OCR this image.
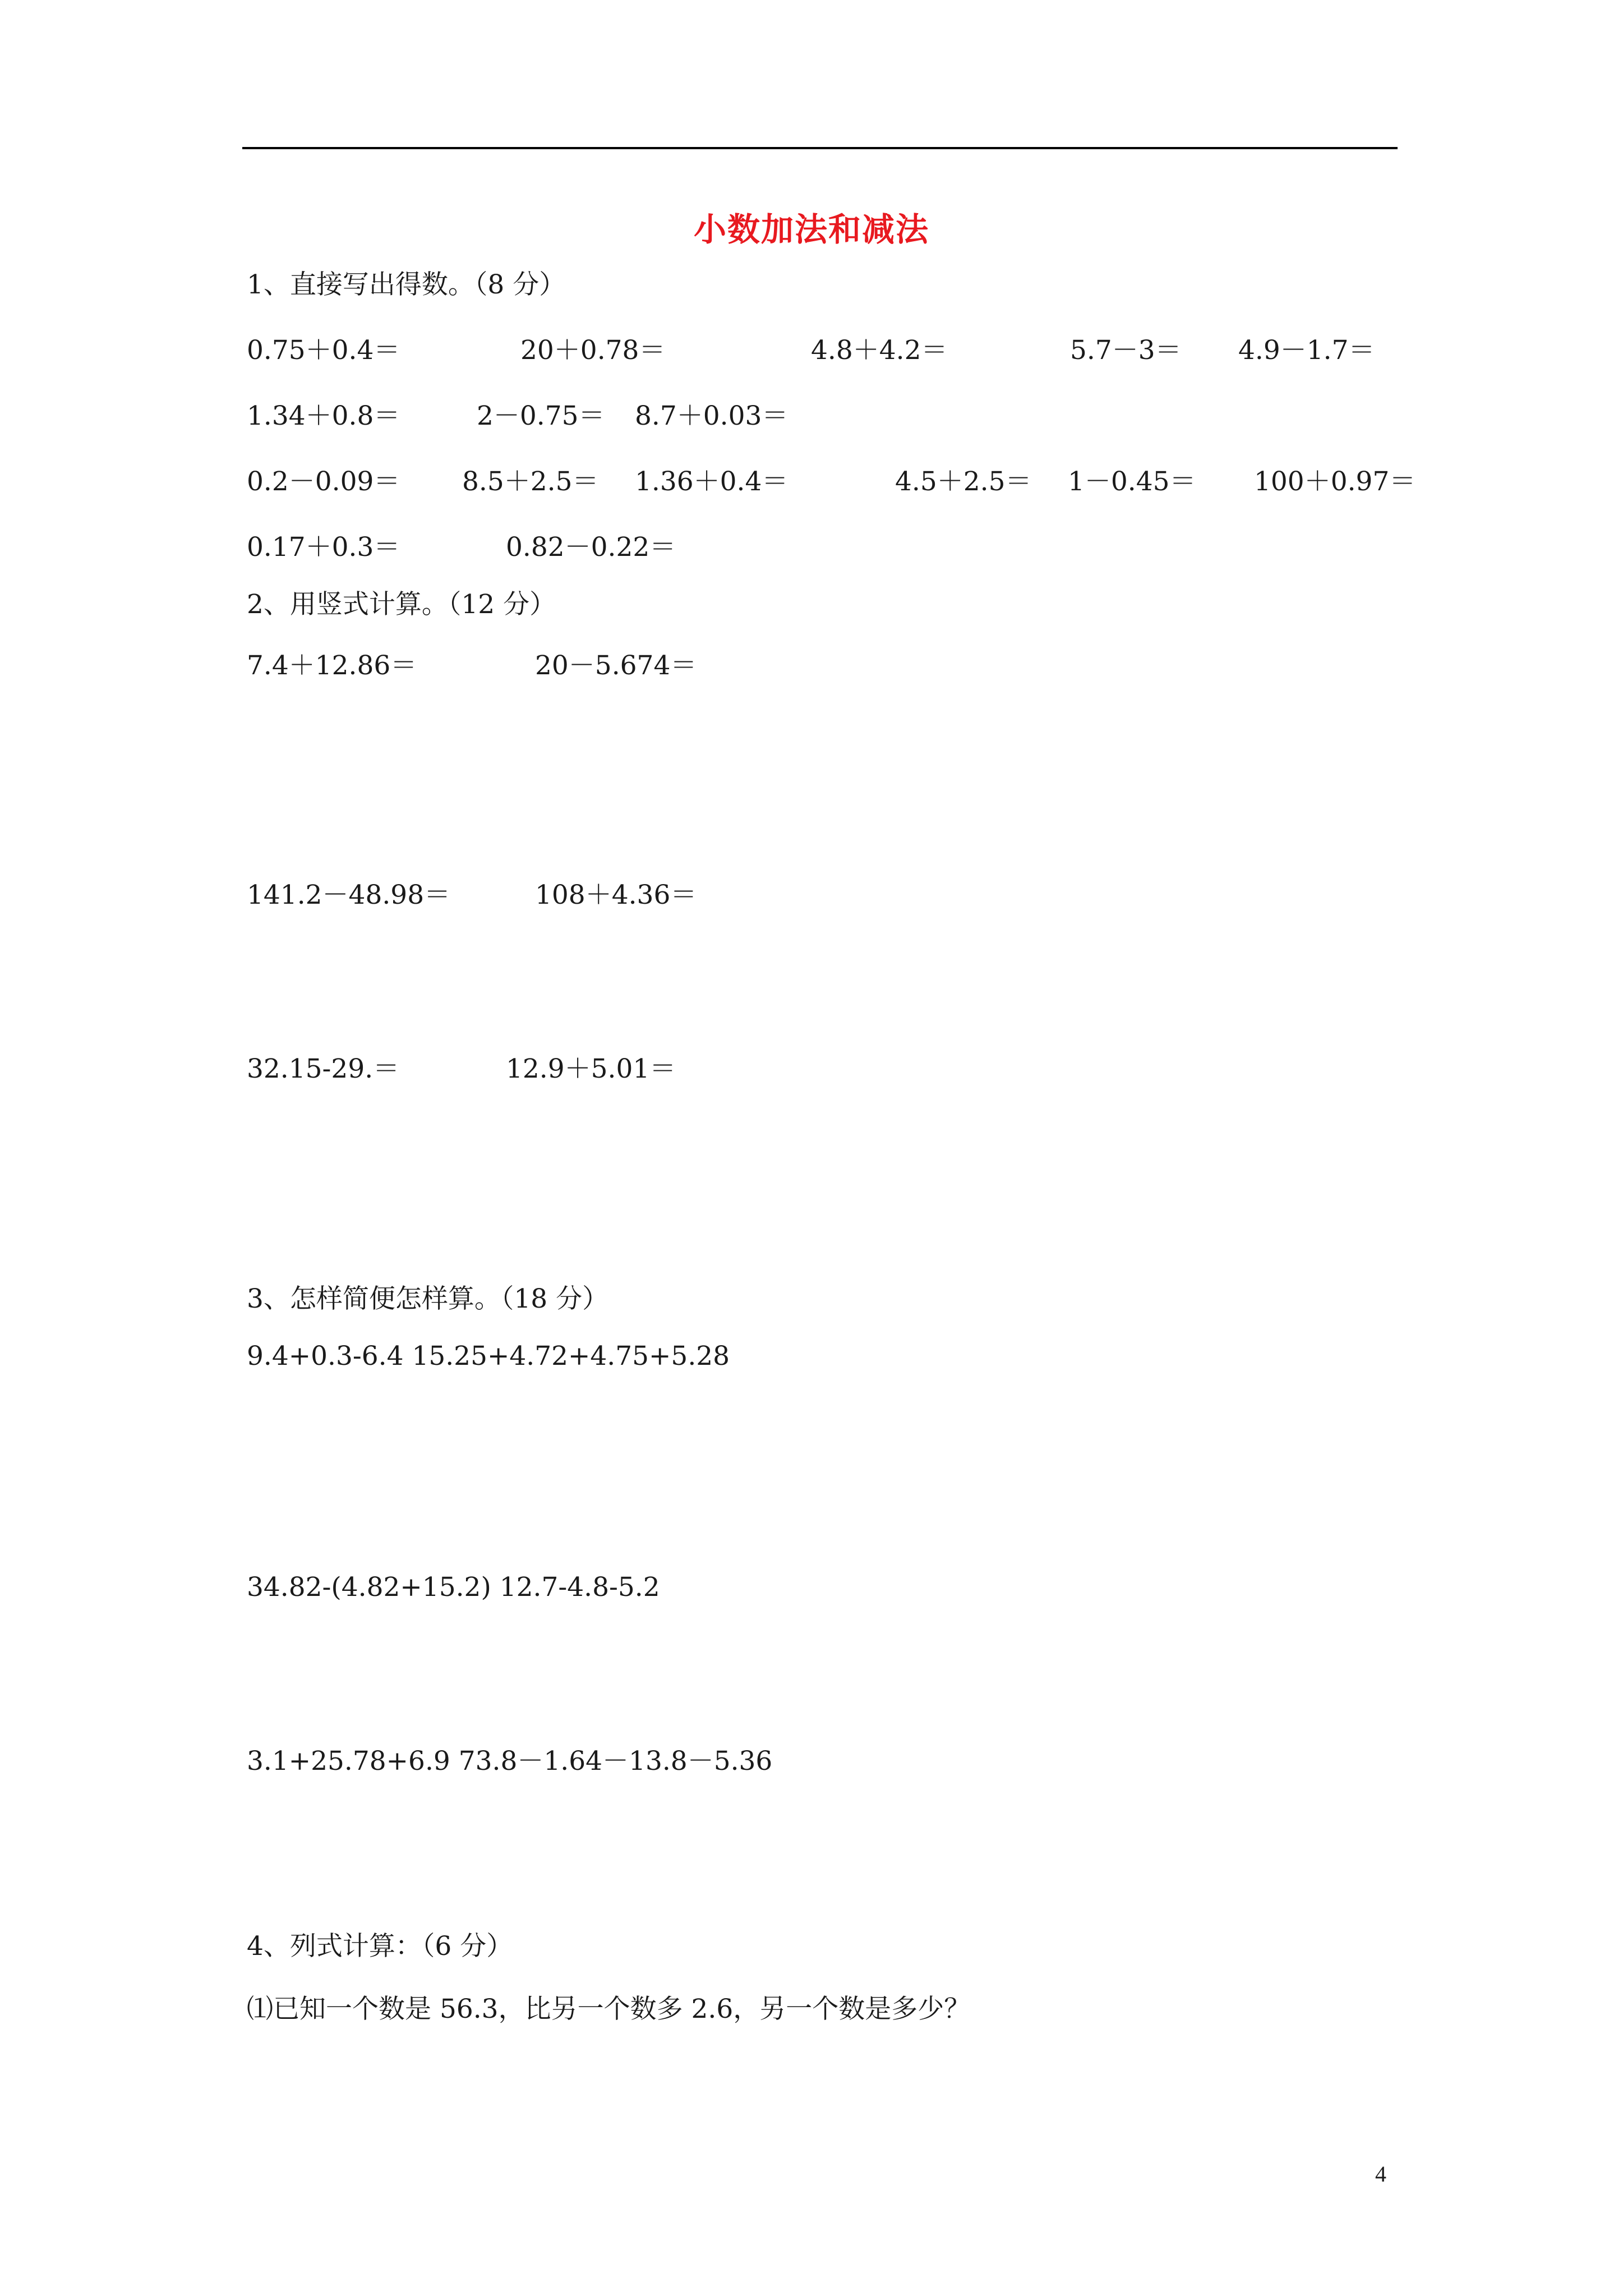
小数加法和减法
1、直接写出得数。（8 分）
0.75＋0.4＝	20＋0.78＝	4.8＋4.2＝	5.7－3＝ 4.9－1.7＝
1.34＋0.8＝	2－0.75＝ 8.7＋0.03＝
0.2－0.09＝ 8.5＋2.5＝ 1.36＋0.4＝	4.5＋2.5＝ 1－0.45＝ 100＋0.97＝
0.17＋0.3＝	0.82－0.22＝
2、用竖式计算。（12 分）
7.4＋12.86＝	20－5.674＝
141.2－48.98＝	108＋4.36＝
32.15-29.＝	12.9＋5.01＝
3、怎样简便怎样算。（18 分）
9.4+0.3-6.4 15.25+4.72+4.75+5.28
34.82-(4.82+15.2) 12.7-4.8-5.2
3.1+25.78+6.9 73.8－1.64－13.8－5.36
4、列式计算：（6 分）
⑴已知一个数是 56.3，比另一个数多 2.6，另一个数是多少？
4
